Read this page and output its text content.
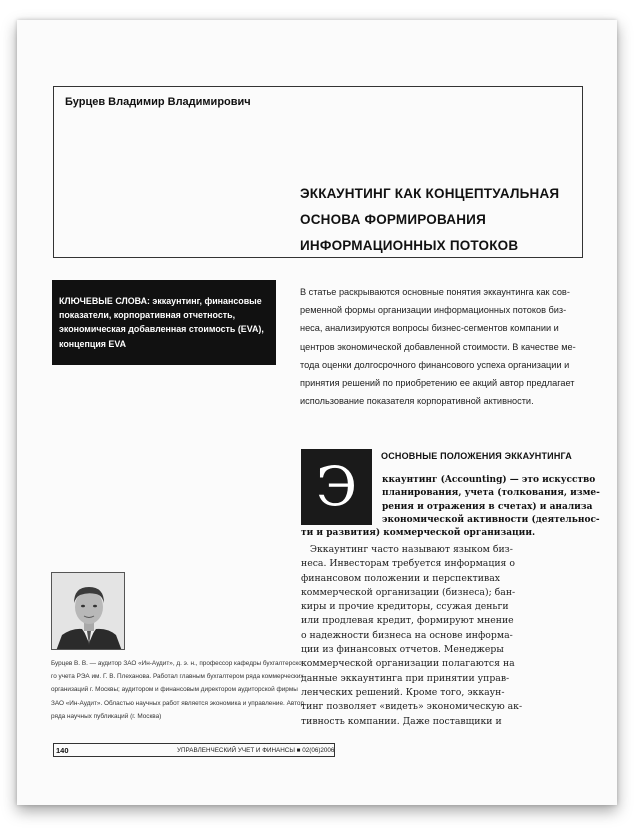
Бурцев Владимир Владимирович
ЭККАУНТИНГ КАК КОНЦЕПТУАЛЬНАЯ
ОСНОВА ФОРМИРОВАНИЯ
ИНФОРМАЦИОННЫХ ПОТОКОВ
КЛЮЧЕВЫЕ СЛОВА: эккаунтинг, финансовые
показатели, корпоративная отчетность,
экономическая добавленная стоимость (EVA),
концепция EVA
В статье раскрываются основные понятия эккаунтинга как сов-
ременной формы организации информационных потоков биз-
неса, анализируются вопросы бизнес-сегментов компании и
центров экономической добавленной стоимости. В качестве ме-
тода оценки долгосрочного финансового успеха организации и
принятия решений по приобретению ее акций автор предлагает
использование показателя корпоративной активности.
ОСНОВНЫЕ ПОЛОЖЕНИЯ ЭККАУНТИНГА
Э	ккаунтинг (Accounting) — это искусство
планирования, учета (толкования, изме-
рения и отражения в счетах) и анализа
экономической активности (деятельнос-
ти и развития) коммерческой организации.
Эккаунтинг часто называют языком биз-
неса. Инвесторам требуется информация о
финансовом положении и перспективах
коммерческой организации (бизнеса); бан-
киры и прочие кредиторы, ссужая деньги
или продлевая кредит, формируют мнение
о надежности бизнеса на основе информа-
ции из финансовых отчетов. Менеджеры
коммерческой организации полагаются на
данные эккаунтинга при принятии управ-
ленческих решений. Кроме того, эккаун-
тинг позволяет «видеть» экономическую ак-
тивность компании. Даже поставщики и
Бурцев В. В. — аудитор ЗАО «Ин-Аудит», д. э. н., профессор кафедры бухгалтерско-
го учета РЭА им. Г. В. Плеханова. Работал главным бухгалтером ряда коммерческих
организаций г. Москвы; аудитором и финансовым директором аудиторской фирмы
ЗАО «Ин-Аудит». Областью научных работ является экономика и управление. Автор
ряда научных публикаций (г. Москва)
140	УПРАВЛЕНЧЕСКИЙ УЧЕТ И ФИНАНСЫ ■ 02(06)2006
